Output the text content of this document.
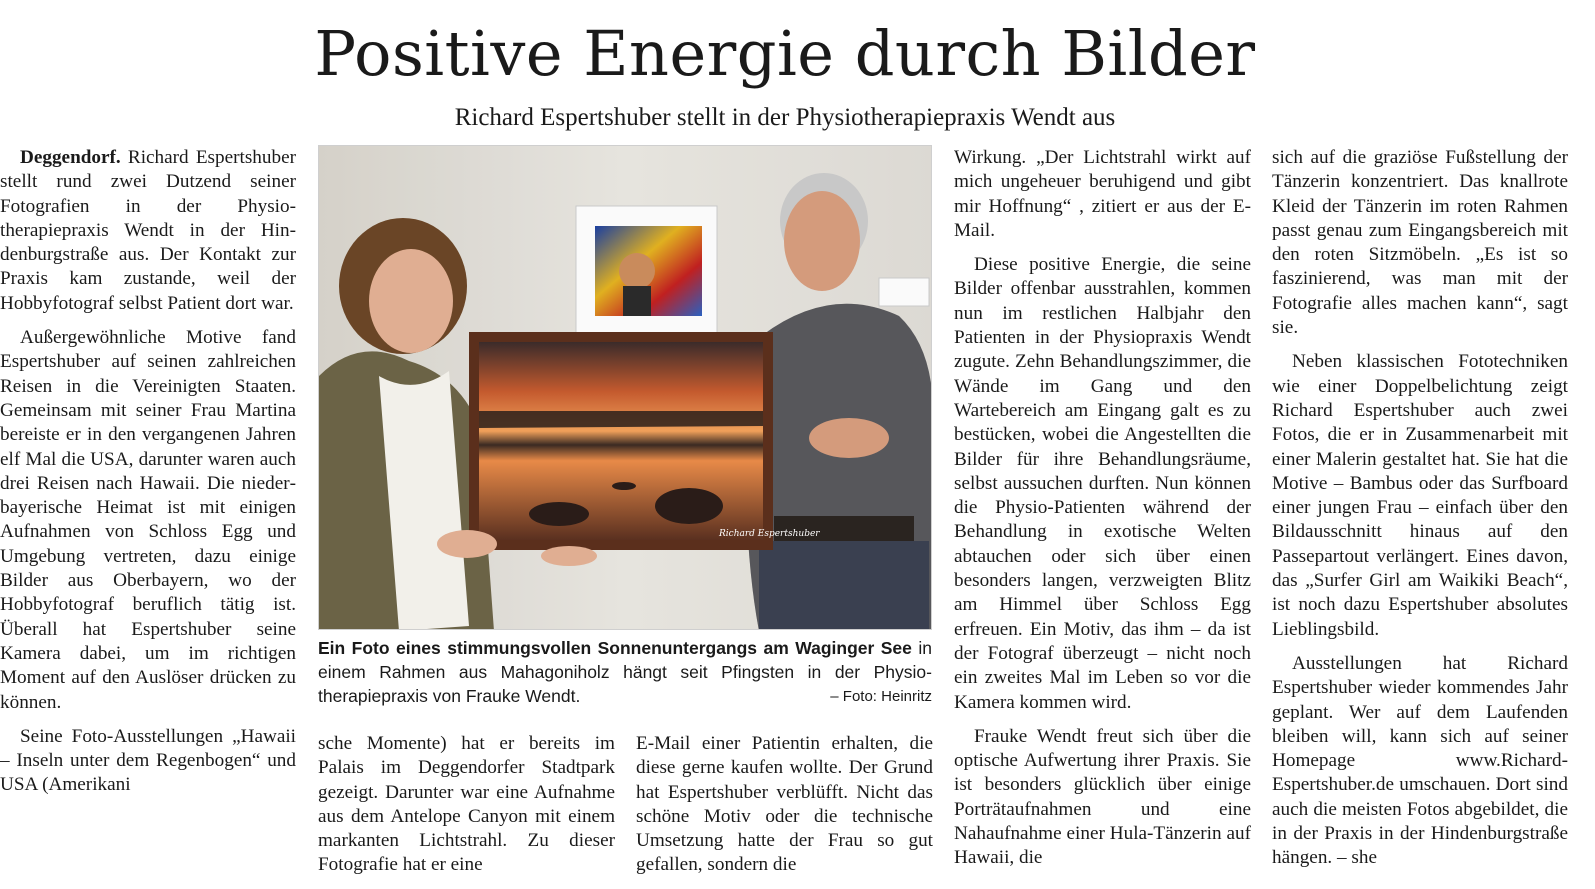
Positive Energie durch Bilder
Richard Espertshuber stellt in der Physiotherapiepraxis Wendt aus

Deggendorf. Richard Espertshuber stellt rund zwei Dutzend seiner Fotografien in der Physiotherapiepraxis Wendt in der Hindenburgstraße aus. Der Kontakt zur Praxis kam zustande, weil der Hobbyfotograf selbst Patient dort war.

Außergewöhnliche Motive fand Espertshuber auf seinen zahlreichen Reisen in die Vereinigten Staaten. Gemeinsam mit seiner Frau Martina bereiste er in den vergangenen Jahren elf Mal die USA, darunter waren auch drei Reisen nach Hawaii. Die niederbayerische Heimat ist mit einigen Aufnahmen von Schloss Egg und Umgebung vertreten, dazu einige Bilder aus Oberbayern, wo der Hobbyfotograf beruflich tätig ist. Überall hat Espertshuber seine Kamera dabei, um im richtigen Moment auf den Auslöser drücken zu können.

Seine Foto-Ausstellungen „Hawaii – Inseln unter dem Regenbogen“ und USA (Amerikani

Richard Espertshuber
Ein Foto eines stimmungsvollen Sonnenuntergangs am Waginger See in einem Rahmen aus Mahagoniholz hängt seit Pfingsten in der Physiotherapiepraxis von Frauke Wendt.	– Foto: Heinritz

sche Momente) hat er bereits im Palais im Deggendorfer Stadtpark gezeigt. Darunter war eine Aufnahme aus dem Antelope Canyon mit einem markanten Lichtstrahl. Zu dieser Fotografie hat er eine

E-Mail einer Patientin erhalten, die diese gerne kaufen wollte. Der Grund hat Espertshuber verblüfft. Nicht das schöne Motiv oder die technische Umsetzung hatte der Frau so gut gefallen, sondern die

Wirkung. „Der Lichtstrahl wirkt auf mich ungeheuer beruhigend und gibt mir Hoffnung“ , zitiert er aus der E-Mail.

Diese positive Energie, die seine Bilder offenbar ausstrahlen, kommen nun im restlichen Halbjahr den Patienten in der Physiopraxis Wendt zugute. Zehn Behandlungszimmer, die Wände im Gang und den Wartebereich am Eingang galt es zu bestücken, wobei die Angestellten die Bilder für ihre Behandlungsräume, selbst aussuchen durften. Nun können die Physio-Patienten während der Behandlung in exotische Welten abtauchen oder sich über einen besonders langen, verzweigten Blitz am Himmel über Schloss Egg erfreuen. Ein Motiv, das ihm – da ist der Fotograf überzeugt – nicht noch ein zweites Mal im Leben so vor die Kamera kommen wird.

Frauke Wendt freut sich über die optische Aufwertung ihrer Praxis. Sie ist besonders glücklich über einige Porträtaufnahmen und eine Nahaufnahme einer Hula-Tänzerin auf Hawaii, die

sich auf die graziöse Fußstellung der Tänzerin konzentriert. Das knallrote Kleid der Tänzerin im roten Rahmen passt genau zum Eingangsbereich mit den roten Sitzmöbeln. „Es ist so faszinierend, was man mit der Fotografie alles machen kann“, sagt sie.

Neben klassischen Fototechniken wie einer Doppelbelichtung zeigt Richard Espertshuber auch zwei Fotos, die er in Zusammenarbeit mit einer Malerin gestaltet hat. Sie hat die Motive – Bambus oder das Surfboard einer jungen Frau – einfach über den Bildausschnitt hinaus auf den Passepartout verlängert. Eines davon, das „Surfer Girl am Waikiki Beach“, ist noch dazu Espertshuber absolutes Lieblingsbild.

Ausstellungen hat Richard Espertshuber wieder kommendes Jahr geplant. Wer auf dem Laufenden bleiben will, kann sich auf seiner Homepage www.Richard-Espertshuber.de umschauen. Dort sind auch die meisten Fotos abgebildet, die in der Praxis in der Hindenburgstraße hängen. – she
